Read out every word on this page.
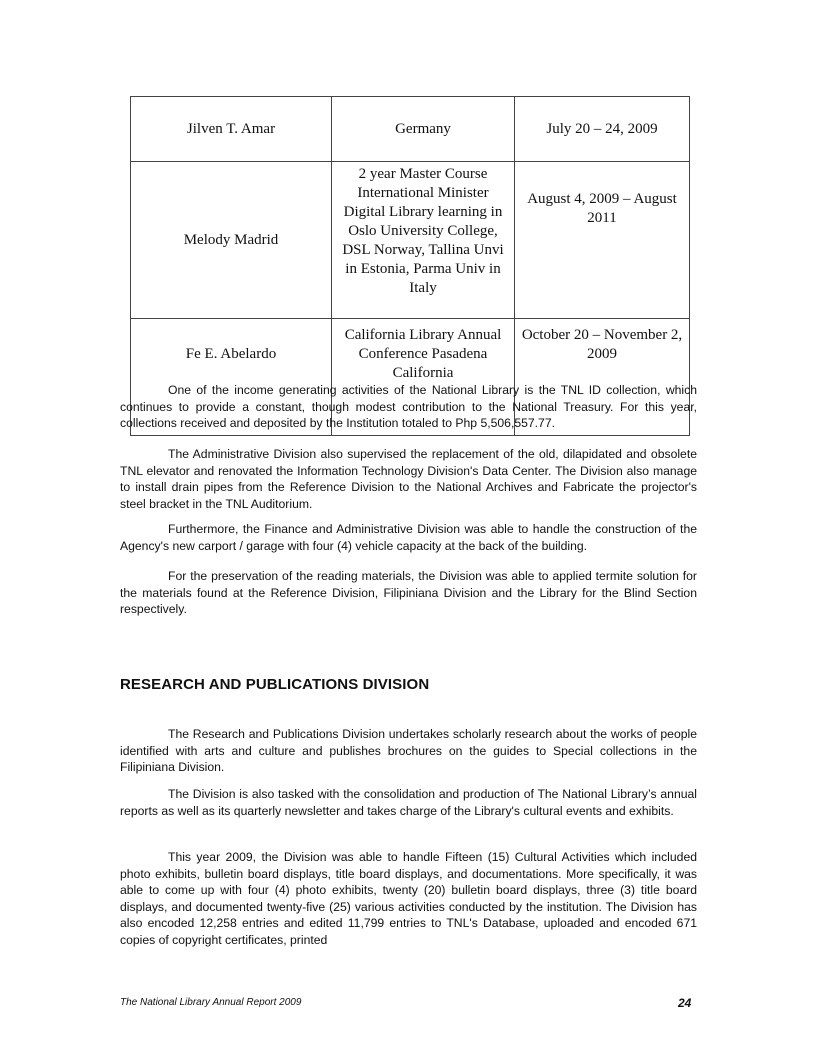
Jilven T. Amar	Germany	July 20 – 24, 2009
Melody Madrid	2 year Master Course International Minister Digital Library learning in Oslo University College, DSL Norway, Tallina Unvi in Estonia, Parma Univ in Italy	August 4, 2009 – August 2011
Fe E. Abelardo	California Library Annual Conference Pasadena California	October 20 – November 2, 2009

One of the income generating activities of the National Library is the TNL ID collection, which continues to provide a constant, though modest contribution to the National Treasury. For this year, collections received and deposited by the Institution totaled to Php 5,506,557.77.

The Administrative Division also supervised the replacement of the old, dilapidated and obsolete TNL elevator and renovated the Information Technology Division's Data Center. The Division also manage to install drain pipes from the Reference Division to the National Archives and Fabricate the projector's steel bracket in the TNL Auditorium.

Furthermore, the Finance and Administrative Division was able to handle the construction of the Agency's new carport / garage with four (4) vehicle capacity at the back of the building.

For the preservation of the reading materials, the Division was able to applied termite solution for the materials found at the Reference Division, Filipiniana Division and the Library for the Blind Section respectively.

RESEARCH AND PUBLICATIONS DIVISION

The Research and Publications Division undertakes scholarly research about the works of people identified with arts and culture and publishes brochures on the guides to Special collections in the Filipiniana Division.

The Division is also tasked with the consolidation and production of The National Library’s annual reports as well as its quarterly newsletter and takes charge of the Library's cultural events and exhibits.

This year 2009, the Division was able to handle Fifteen (15) Cultural Activities which included photo exhibits, bulletin board displays, title board displays, and documentations. More specifically, it was able to come up with four (4) photo exhibits, twenty (20) bulletin board displays, three (3) title board displays, and documented twenty-five (25) various activities conducted by the institution. The Division has also encoded 12,258 entries and edited 11,799 entries to TNL's Database, uploaded and encoded 671 copies of copyright certificates, printed

The National Library Annual Report 2009	24
